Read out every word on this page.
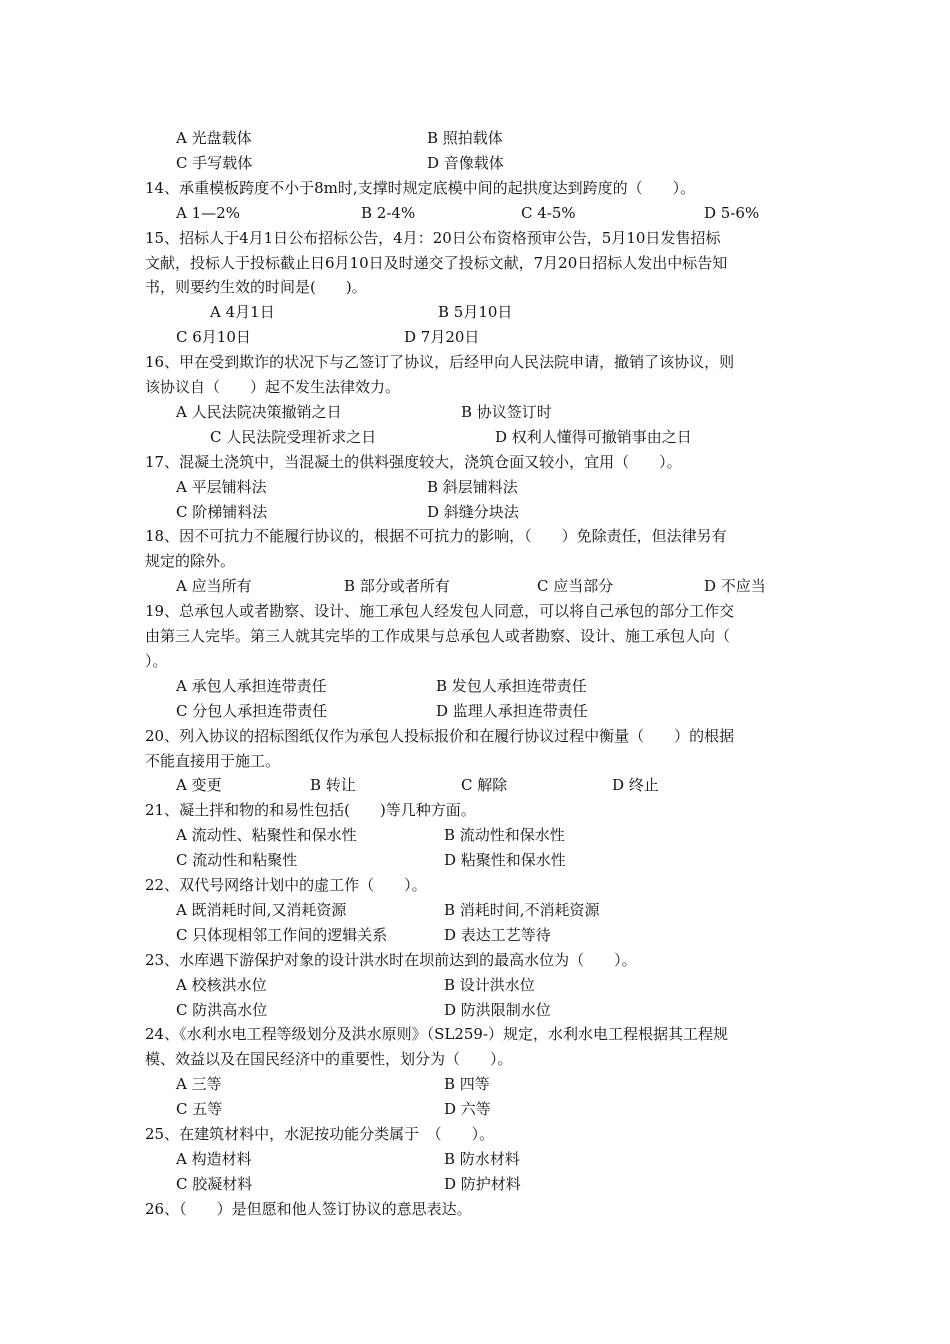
A 光盘载体	B 照拍载体
C 手写载体	D 音像载体
14、承重模板跨度不小于8m时,支撑时规定底模中间的起拱度达到跨度的（　　）。
A 1—2%	B 2-4%	C 4-5%	D 5-6%
15、招标人于4月1日公布招标公告，4月：20日公布资格预审公告，5月10日发售招标
文献，投标人于投标截止日6月10日及时递交了投标文献，7月20日招标人发出中标告知
书，则要约生效的时间是(　　)。
A 4月1日	B 5月10日
C 6月10日	D 7月20日
16、甲在受到欺诈的状况下与乙签订了协议，后经甲向人民法院申请，撤销了该协议，则
该协议自（　　）起不发生法律效力。
A 人民法院决策撤销之日	B 协议签订时
C 人民法院受理祈求之日	D 权利人懂得可撤销事由之日
17、混凝土浇筑中，当混凝土的供料强度较大，浇筑仓面又较小，宜用（　　）。
A 平层铺料法	B 斜层铺料法
C 阶梯铺料法	D 斜缝分块法
18、因不可抗力不能履行协议的，根据不可抗力的影响，（　　）免除责任，但法律另有
规定的除外。
A 应当所有	B 部分或者所有	C 应当部分	D 不应当
19、总承包人或者勘察、设计、施工承包人经发包人同意，可以将自己承包的部分工作交
由第三人完毕。第三人就其完毕的工作成果与总承包人或者勘察、设计、施工承包人向（
）。
A 承包人承担连带责任	B 发包人承担连带责任
C 分包人承担连带责任	D 监理人承担连带责任
20、列入协议的招标图纸仅作为承包人投标报价和在履行协议过程中衡量（　　）的根据
不能直接用于施工。
A 变更	B 转让	C 解除	D 终止
21、凝土拌和物的和易性包括(　　)等几种方面。
A 流动性、粘聚性和保水性	B 流动性和保水性
C 流动性和粘聚性	D 粘聚性和保水性
22、双代号网络计划中的虚工作（　　）。
A 既消耗时间,又消耗资源	B 消耗时间,不消耗资源
C 只体现相邻工作间的逻辑关系	D 表达工艺等待
23、水库遇下游保护对象的设计洪水时在坝前达到的最高水位为（　　）。
A 校核洪水位	B 设计洪水位
C 防洪高水位	D 防洪限制水位
24、《水利水电工程等级划分及洪水原则》（SL259-）规定，水利水电工程根据其工程规
模、效益以及在国民经济中的重要性，划分为（　　）。
A 三等	B 四等
C 五等	D 六等
25、在建筑材料中，水泥按功能分类属于　（　　）。
A 构造材料	B 防水材料
C 胶凝材料	D 防护材料
26、（　　）是但愿和他人签订协议的意思表达。
